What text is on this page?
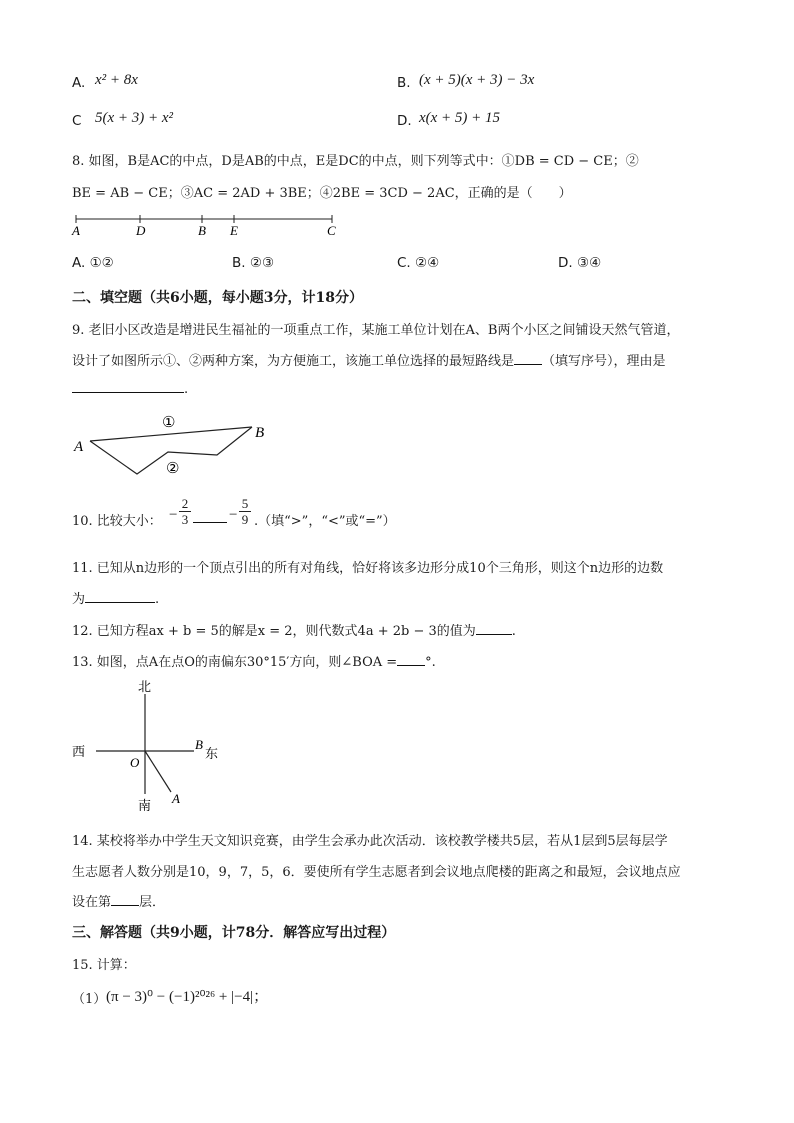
A. x² + 8x	B. (x + 5)(x + 3) − 3x
C 5(x + 3) + x²	D. x(x + 5) + 15
8. 如图，B是AC的中点，D是AB的中点，E是DC的中点，则下列等式中：①DB = CD − CE；②
BE = AB − CE；③AC = 2AD + 3BE；④2BE = 3CD − 2AC，正确的是（　　）
A	D	B E	C
A. ①②	B. ②③	C. ②④	D. ③④
二、填空题（共6小题，每小题3分，计18分）
9. 老旧小区改造是增进民生福祉的一项重点工作，某施工单位计划在A、B两个小区之间铺设天然气管道，
设计了如图所示①、②两种方案，为方便施工，该施工单位选择的最短路线是 （填写序号），理由是
.
A
B
①
②
10. 比较大小： − $\frac{2}{3}$	− $\frac{5}{9}$ .（填“>”，“<”或“=”）
11. 已知从n边形的一个顶点引出的所有对角线，恰好将该多边形分成10个三角形，则这个n边形的边数
为	.
12. 已知方程ax + b = 5的解是x = 2，则代数式4a + 2b − 3的值为	.
13. 如图，点A在点O的南偏东30°15′方向，则∠BOA = °.
北
南
西	东
B
O
A
14. 某校将举办中学生天文知识竞赛，由学生会承办此次活动．该校教学楼共5层，若从1层到5层每层学
生志愿者人数分别是10，9，7，5，6．要使所有学生志愿者到会议地点爬楼的距离之和最短，会议地点应
设在第 层．
三、解答题（共9小题，计78分．解答应写出过程）
15. 计算：
（1） (π − 3)⁰ − (−1)²⁰²⁶ + |−4|；
